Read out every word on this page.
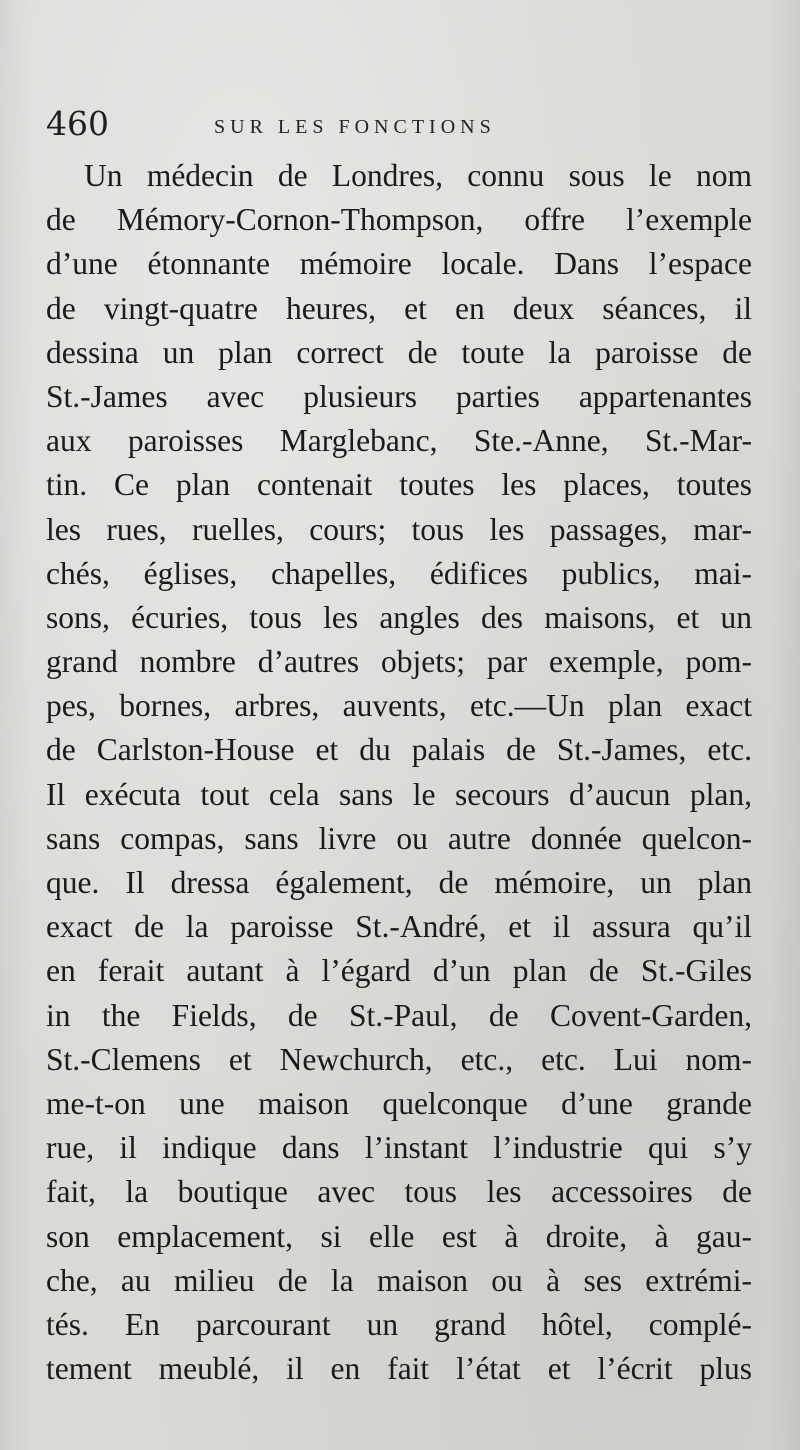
460	SUR LES FONCTIONS
Un médecin de Londres, connu sous le nom
de Mémory-Cornon-Thompson, offre l’exemple
d’une étonnante mémoire locale. Dans l’espace
de vingt-quatre heures, et en deux séances, il
dessina un plan correct de toute la paroisse de
St.-James avec plusieurs parties appartenantes
aux paroisses Marglebanc, Ste.-Anne, St.-Mar-
tin. Ce plan contenait toutes les places, toutes
les rues, ruelles, cours; tous les passages, mar-
chés, églises, chapelles, édifices publics, mai-
sons, écuries, tous les angles des maisons, et un
grand nombre d’autres objets; par exemple, pom-
pes, bornes, arbres, auvents, etc.—Un plan exact
de Carlston-House et du palais de St.-James, etc.
Il exécuta tout cela sans le secours d’aucun plan,
sans compas, sans livre ou autre donnée quelcon-
que. Il dressa également, de mémoire, un plan
exact de la paroisse St.-André, et il assura qu’il
en ferait autant à l’égard d’un plan de St.-Giles
in the Fields, de St.-Paul, de Covent-Garden,
St.-Clemens et Newchurch, etc., etc. Lui nom-
me-t-on une maison quelconque d’une grande
rue, il indique dans l’instant l’industrie qui s’y
fait, la boutique avec tous les accessoires de
son emplacement, si elle est à droite, à gau-
che, au milieu de la maison ou à ses extrémi-
tés. En parcourant un grand hôtel, complé-
tement meublé, il en fait l’état et l’écrit plus
